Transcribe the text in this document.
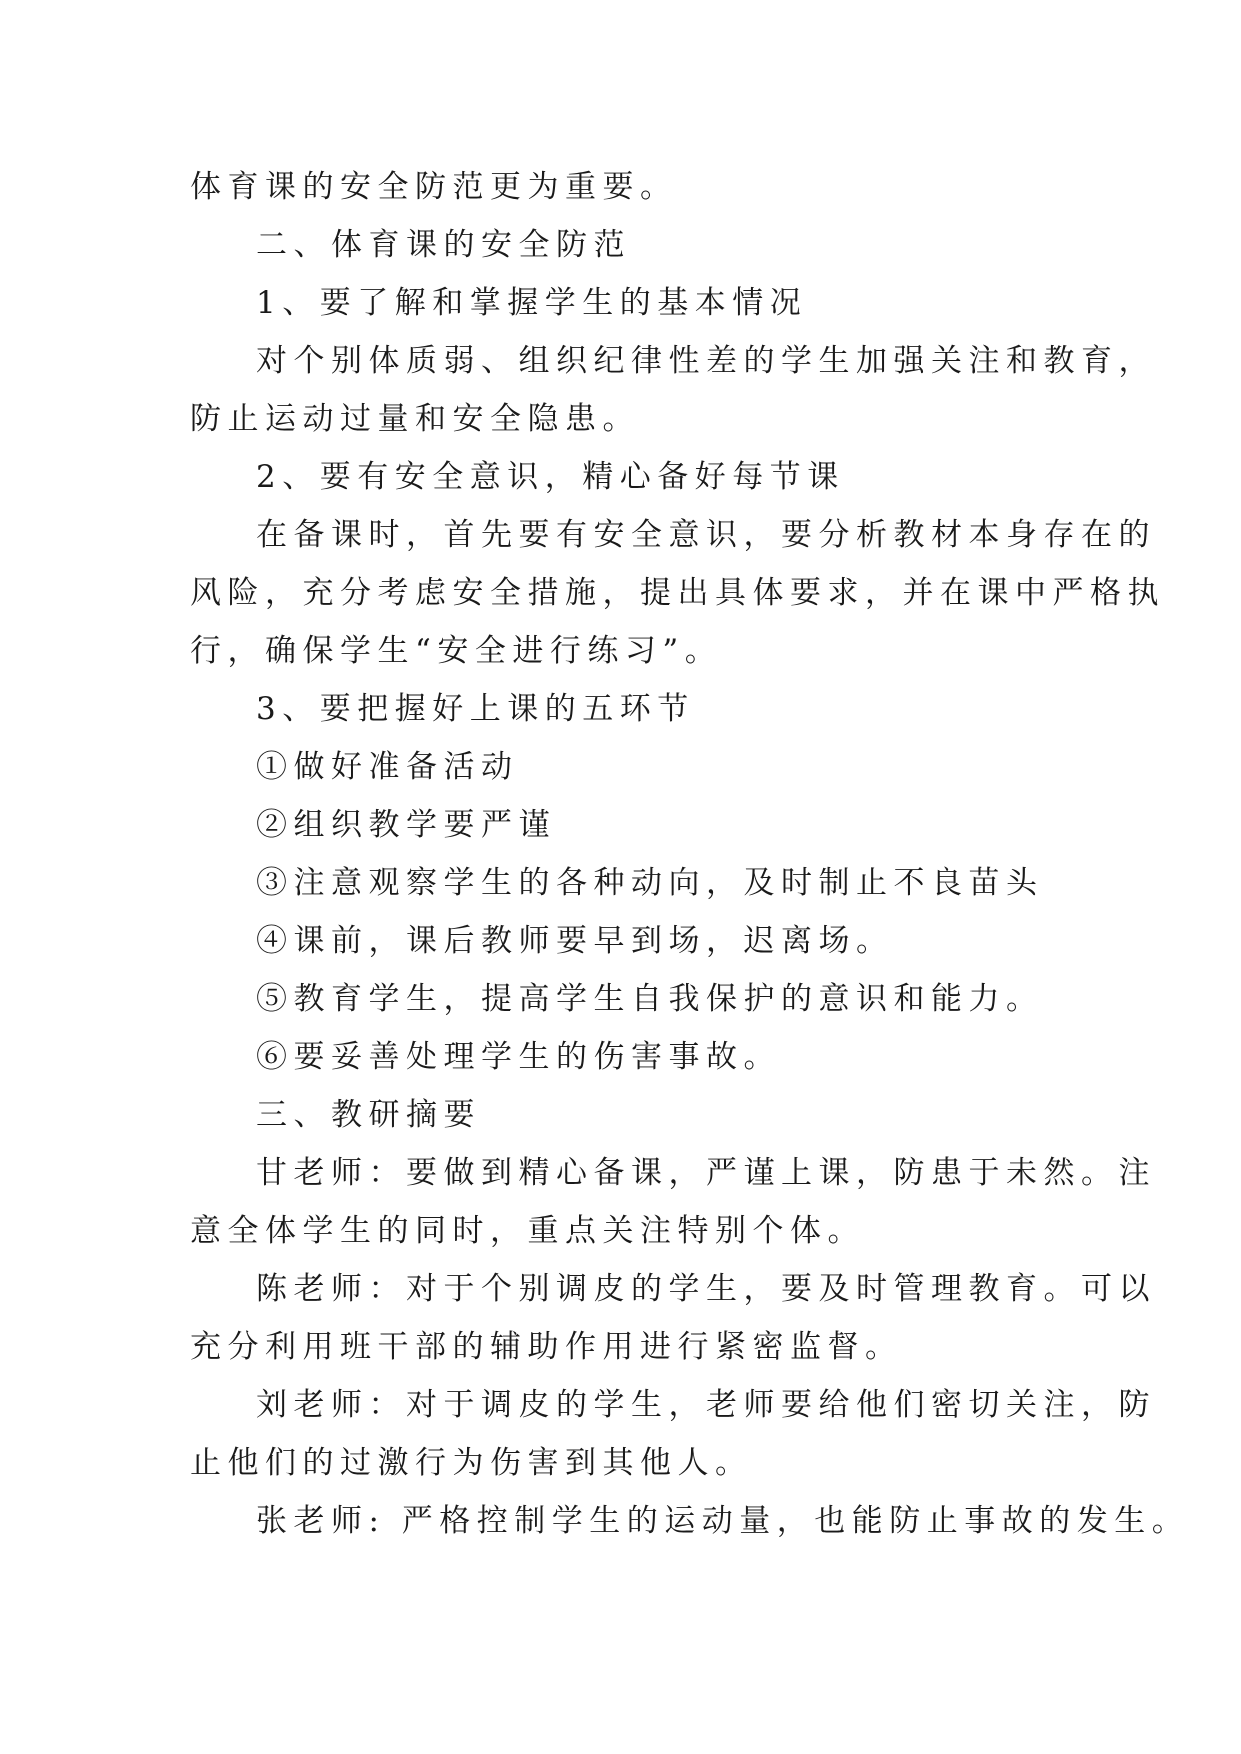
体育课的安全防范更为重要。
二、体育课的安全防范
1、要了解和掌握学生的基本情况
对个别体质弱、组织纪律性差的学生加强关注和教育，
防止运动过量和安全隐患。
2、要有安全意识，精心备好每节课
在备课时，首先要有安全意识，要分析教材本身存在的
风险，充分考虑安全措施，提出具体要求，并在课中严格执
行，确保学生“安全进行练习”。
3、要把握好上课的五环节
①做好准备活动
②组织教学要严谨
③注意观察学生的各种动向，及时制止不良苗头
④课前，课后教师要早到场，迟离场。
⑤教育学生，提高学生自我保护的意识和能力。
⑥要妥善处理学生的伤害事故。
三、教研摘要
甘老师：要做到精心备课，严谨上课，防患于未然。注
意全体学生的同时，重点关注特别个体。
陈老师：对于个别调皮的学生，要及时管理教育。可以
充分利用班干部的辅助作用进行紧密监督。
刘老师：对于调皮的学生，老师要给他们密切关注，防
止他们的过激行为伤害到其他人。
张老师: 严格控制学生的运动量，也能防止事故的发生。
